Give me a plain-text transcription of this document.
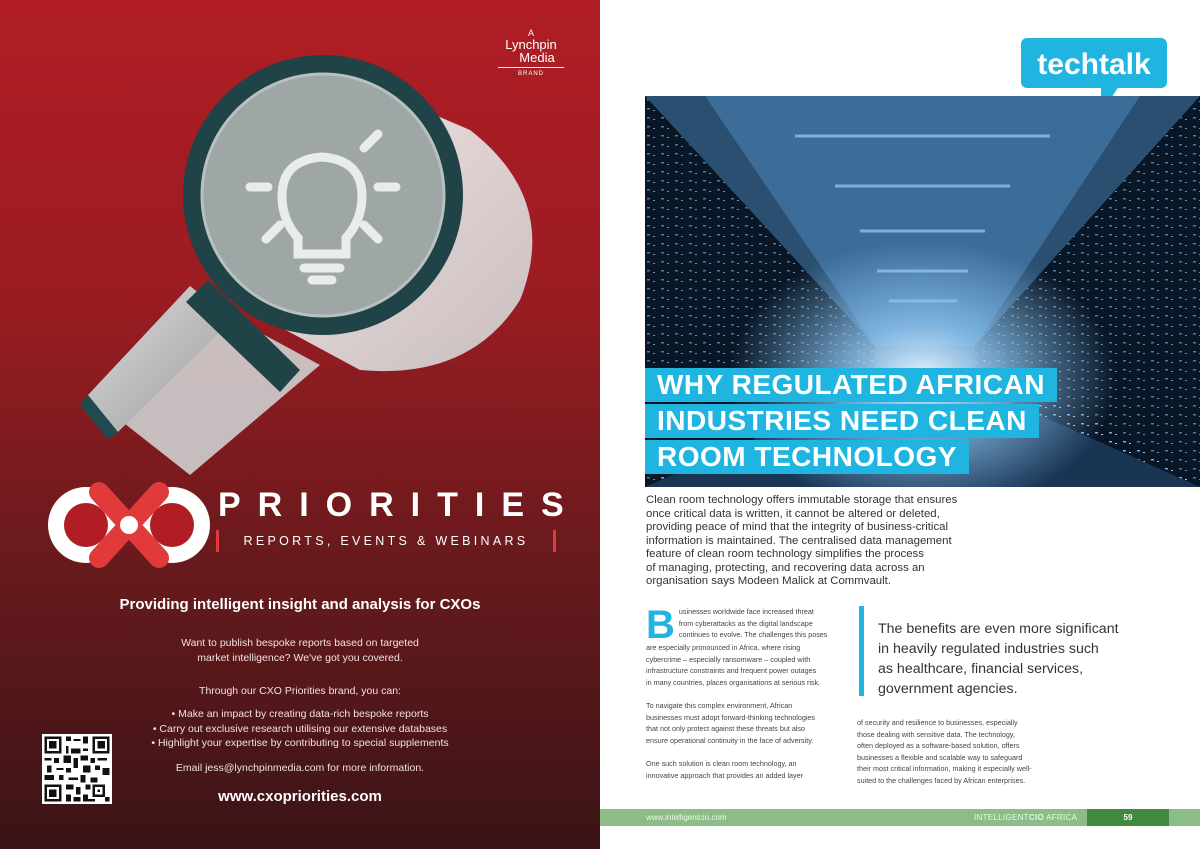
A
Lynchpin
Media
BRAND
PRIORITIES
REPORTS, EVENTS & WEBINARS
Providing intelligent insight and analysis for CXOs
Want to publish bespoke reports based on targeted
market intelligence? We've got you covered.
Through our CXO Priorities brand, you can:
• Make an impact by creating data-rich bespoke reports
• Carry out exclusive research utilising our extensive databases
• Highlight your expertise by contributing to special supplements
Email jess@lynchpinmedia.com for more information.
www.cxopriorities.com
techtalk
WHY REGULATED AFRICAN
INDUSTRIES NEED CLEAN
ROOM TECHNOLOGY
Clean room technology offers immutable storage that ensures
once critical data is written, it cannot be altered or deleted,
providing peace of mind that the integrity of business-critical
information is maintained. The centralised data management
feature of clean room technology simplifies the process
of managing, protecting, and recovering data across an
organisation says Modeen Malick at Commvault.

B usinesses worldwide face increased threat
from cyberattacks as the digital landscape
continues to evolve. The challenges this poses
are especially pronounced in Africa, where rising
cybercrime – especially ransomware – coupled with
infrastructure constraints and frequent power outages
in many countries, places organisations at serious risk.

To navigate this complex environment, African
businesses must adopt forward-thinking technologies
that not only protect against these threats but also
ensure operational continuity in the face of adversity.

One such solution is clean room technology, an
innovative approach that provides an added layer

The benefits are even more significant
in heavily regulated industries such
as healthcare, financial services,
government agencies.
of security and resilience to businesses, especially
those dealing with sensitive data. The technology,
often deployed as a software-based solution, offers
businesses a flexible and scalable way to safeguard
their most critical information, making it especially well-
suited to the challenges faced by African enterprises.
www.intelligentcio.com	INTELLIGENTCIO AFRICA	59
